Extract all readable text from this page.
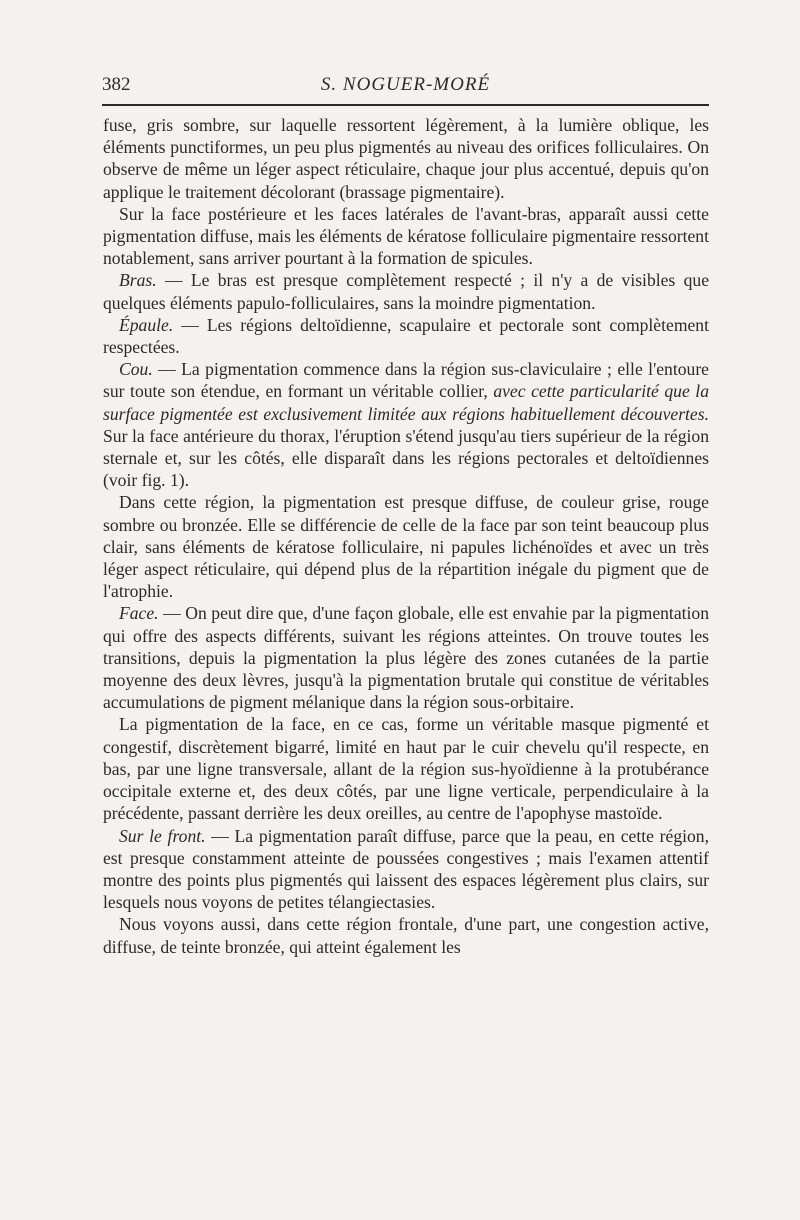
382	S. NOGUER-MORÉ

fuse, gris sombre, sur laquelle ressortent légèrement, à la lumière oblique, les éléments punctiformes, un peu plus pigmentés au niveau des orifices folliculaires. On observe de même un léger aspect réticulaire, chaque jour plus accentué, depuis qu'on applique le traitement décolorant (brassage pigmentaire).

Sur la face postérieure et les faces latérales de l'avant-bras, apparaît aussi cette pigmentation diffuse, mais les éléments de kératose folliculaire pigmentaire ressortent notablement, sans arriver pourtant à la formation de spicules.

Bras. — Le bras est presque complètement respecté ; il n'y a de visibles que quelques éléments papulo-folliculaires, sans la moindre pigmentation.

Épaule. — Les régions deltoïdienne, scapulaire et pectorale sont complètement respectées.

Cou. — La pigmentation commence dans la région sus-claviculaire ; elle l'entoure sur toute son étendue, en formant un véritable collier, avec cette particularité que la surface pigmentée est exclusivement limitée aux régions habituellement découvertes. Sur la face antérieure du thorax, l'éruption s'étend jusqu'au tiers supérieur de la région sternale et, sur les côtés, elle disparaît dans les régions pectorales et deltoïdiennes (voir fig. 1).

Dans cette région, la pigmentation est presque diffuse, de couleur grise, rouge sombre ou bronzée. Elle se différencie de celle de la face par son teint beaucoup plus clair, sans éléments de kératose folliculaire, ni papules lichénoïdes et avec un très léger aspect réticulaire, qui dépend plus de la répartition inégale du pigment que de l'atrophie.

Face. — On peut dire que, d'une façon globale, elle est envahie par la pigmentation qui offre des aspects différents, suivant les régions atteintes. On trouve toutes les transitions, depuis la pigmentation la plus légère des zones cutanées de la partie moyenne des deux lèvres, jusqu'à la pigmentation brutale qui constitue de véritables accumulations de pigment mélanique dans la région sous-orbitaire.

La pigmentation de la face, en ce cas, forme un véritable masque pigmenté et congestif, discrètement bigarré, limité en haut par le cuir chevelu qu'il respecte, en bas, par une ligne transversale, allant de la région sus-hyoïdienne à la protubérance occipitale externe et, des deux côtés, par une ligne verticale, perpendiculaire à la précédente, passant derrière les deux oreilles, au centre de l'apophyse mastoïde.

Sur le front. — La pigmentation paraît diffuse, parce que la peau, en cette région, est presque constamment atteinte de poussées congestives ; mais l'examen attentif montre des points plus pigmentés qui laissent des espaces légèrement plus clairs, sur lesquels nous voyons de petites télangiectasies.

Nous voyons aussi, dans cette région frontale, d'une part, une congestion active, diffuse, de teinte bronzée, qui atteint également les
